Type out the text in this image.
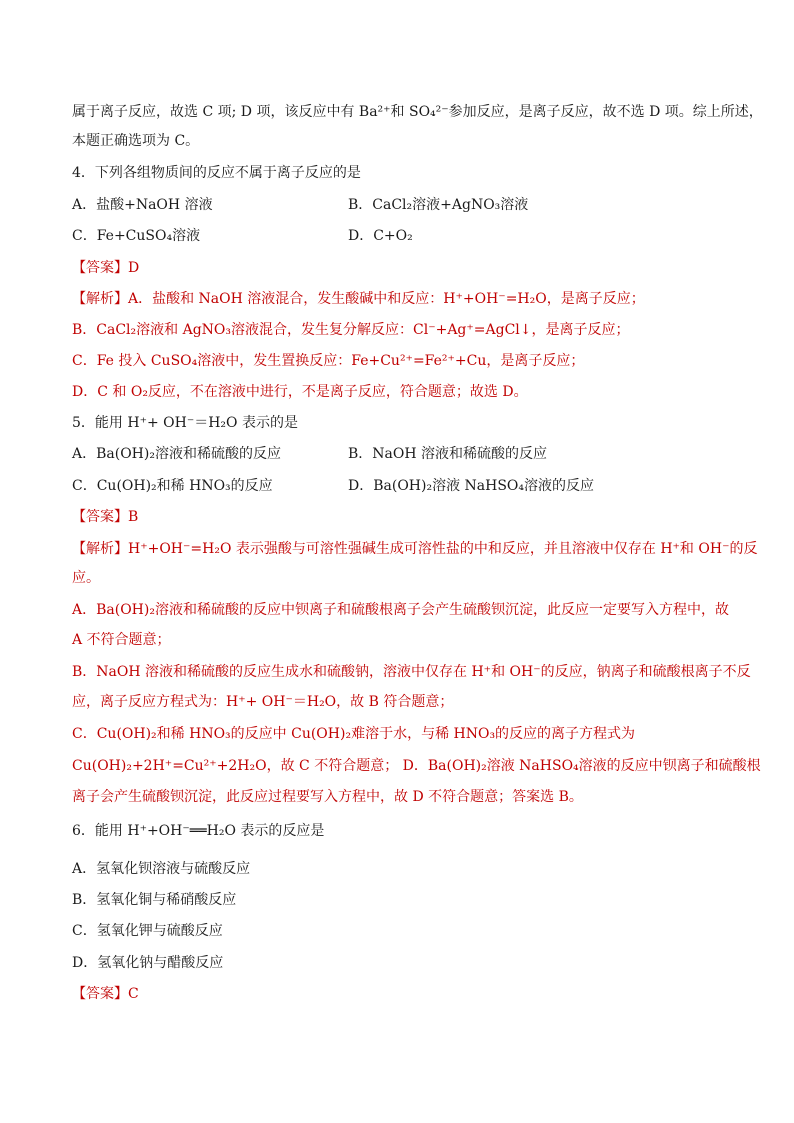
属于离子反应，故选 C 项; D 项，该反应中有 Ba²⁺和 SO₄²⁻参加反应，是离子反应，故不选 D 项。综上所述，
本题正确选项为 C。
4．下列各组物质间的反应不属于离子反应的是
A．盐酸+NaOH 溶液	B．CaCl₂溶液+AgNO₃溶液
C．Fe+CuSO₄溶液	D．C+O₂
【答案】D
【解析】A．盐酸和 NaOH 溶液混合，发生酸碱中和反应：H⁺+OH⁻=H₂O，是离子反应；
B．CaCl₂溶液和 AgNO₃溶液混合，发生复分解反应：Cl⁻+Ag⁺=AgCl↓，是离子反应；
C．Fe 投入 CuSO₄溶液中，发生置换反应：Fe+Cu²⁺=Fe²⁺+Cu，是离子反应；
D．C 和 O₂反应，不在溶液中进行，不是离子反应，符合题意；故选 D。
5．能用 H⁺+ OH⁻＝H₂O 表示的是
A．Ba(OH)₂溶液和稀硫酸的反应	B．NaOH 溶液和稀硫酸的反应
C．Cu(OH)₂和稀 HNO₃的反应	D．Ba(OH)₂溶液 NaHSO₄溶液的反应
【答案】B
【解析】H⁺+OH⁻=H₂O 表示强酸与可溶性强碱生成可溶性盐的中和反应，并且溶液中仅存在 H⁺和 OH⁻的反
应。
A．Ba(OH)₂溶液和稀硫酸的反应中钡离子和硫酸根离子会产生硫酸钡沉淀，此反应一定要写入方程中，故
A 不符合题意；
B．NaOH 溶液和稀硫酸的反应生成水和硫酸钠，溶液中仅存在 H⁺和 OH⁻的反应，钠离子和硫酸根离子不反
应，离子反应方程式为：H⁺+ OH⁻＝H₂O，故 B 符合题意；
C．Cu(OH)₂和稀 HNO₃的反应中 Cu(OH)₂难溶于水，与稀 HNO₃的反应的离子方程式为
Cu(OH)₂+2H⁺=Cu²⁺+2H₂O，故 C 不符合题意； D．Ba(OH)₂溶液 NaHSO₄溶液的反应中钡离子和硫酸根
离子会产生硫酸钡沉淀，此反应过程要写入方程中，故 D 不符合题意；答案选 B。
6．能用 H⁺+OH⁻══H₂O 表示的反应是
A．氢氧化钡溶液与硫酸反应
B．氢氧化铜与稀硝酸反应
C．氢氧化钾与硫酸反应
D．氢氧化钠与醋酸反应
【答案】C
